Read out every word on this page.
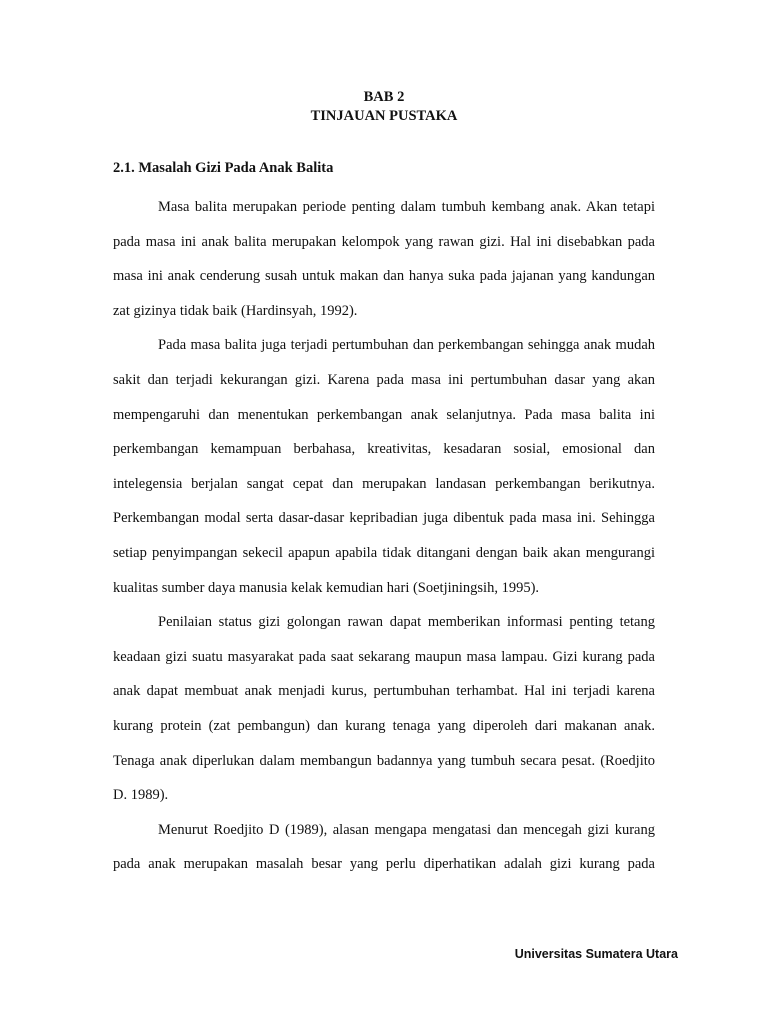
BAB 2
TINJAUAN PUSTAKA
2.1. Masalah Gizi Pada Anak Balita

Masa balita merupakan periode penting dalam tumbuh kembang anak. Akan tetapi pada masa ini anak balita merupakan kelompok yang rawan gizi. Hal ini disebabkan pada masa ini anak cenderung susah untuk makan dan hanya suka pada jajanan yang kandungan zat gizinya tidak baik (Hardinsyah, 1992).

Pada masa balita juga terjadi pertumbuhan dan perkembangan sehingga anak mudah sakit dan terjadi kekurangan gizi. Karena pada masa ini pertumbuhan dasar yang akan mempengaruhi dan menentukan perkembangan anak selanjutnya. Pada masa balita ini perkembangan kemampuan berbahasa, kreativitas, kesadaran sosial, emosional dan intelegensia berjalan sangat cepat dan merupakan landasan perkembangan berikutnya. Perkembangan modal serta dasar-dasar kepribadian juga dibentuk pada masa ini. Sehingga setiap penyimpangan sekecil apapun apabila tidak ditangani dengan baik akan mengurangi kualitas sumber daya manusia kelak kemudian hari (Soetjiningsih, 1995).

Penilaian status gizi golongan rawan dapat memberikan informasi penting tetang keadaan gizi suatu masyarakat pada saat sekarang maupun masa lampau. Gizi kurang pada anak dapat membuat anak menjadi kurus, pertumbuhan terhambat. Hal ini terjadi karena kurang protein (zat pembangun) dan kurang tenaga yang diperoleh dari makanan anak. Tenaga anak diperlukan dalam membangun badannya yang tumbuh secara pesat. (Roedjito D. 1989).

Menurut Roedjito D (1989), alasan mengapa mengatasi dan mencegah gizi kurang pada anak merupakan masalah besar yang perlu diperhatikan adalah gizi kurang pada

Universitas Sumatera Utara
